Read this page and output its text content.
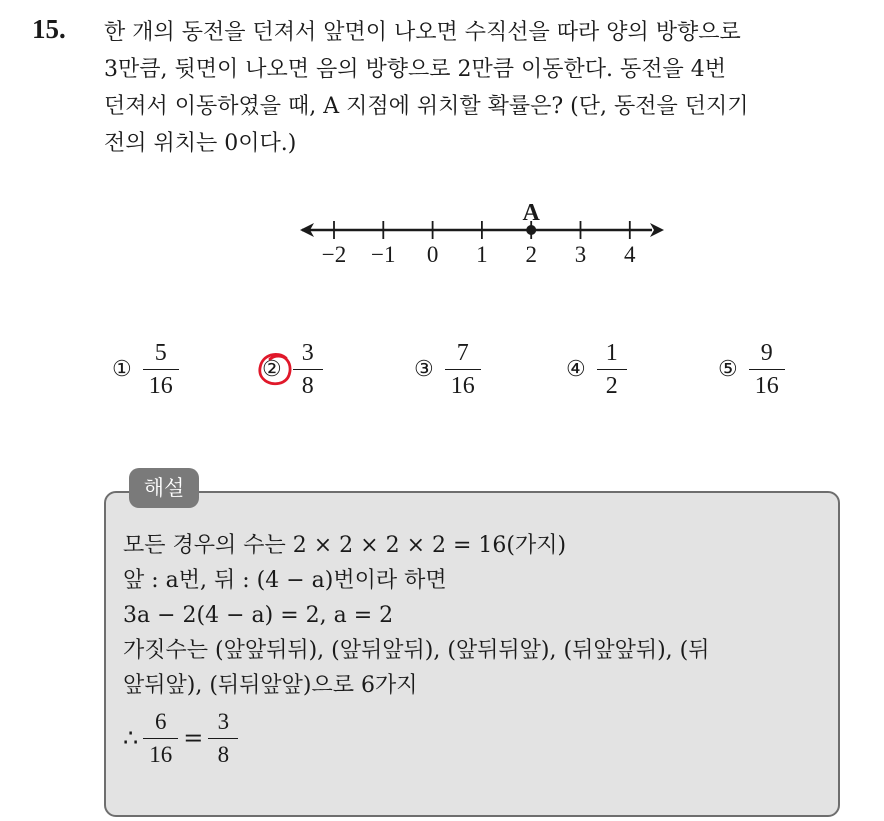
15. 한 개의 동전을 던져서 앞면이 나오면 수직선을 따라 양의 방향으로
3만큼, 뒷면이 나오면 음의 방향으로 2만큼 이동한다. 동전을 4번
던져서 이동하였을 때, A 지점에 위치할 확률은? (단, 동전을 던지기
전의 위치는 0이다.)
−2 −1 0 1 2 3 4
A
① $\frac{5}{16}$	② $\frac{3}{8}$	③ $\frac{7}{16}$	④ $\frac{1}{2}$	⑤ $\frac{9}{16}$
해설
모든 경우의 수는 2 × 2 × 2 × 2 = 16(가지)
앞 : a번, 뒤 : (4 − a)번이라 하면
3a − 2(4 − a) = 2, a = 2
가짓수는 (앞앞뒤뒤), (앞뒤앞뒤), (앞뒤뒤앞), (뒤앞앞뒤), (뒤
앞뒤앞), (뒤뒤앞앞)으로 6가지
∴ $\frac{6}{16} = \frac{3}{8}$
